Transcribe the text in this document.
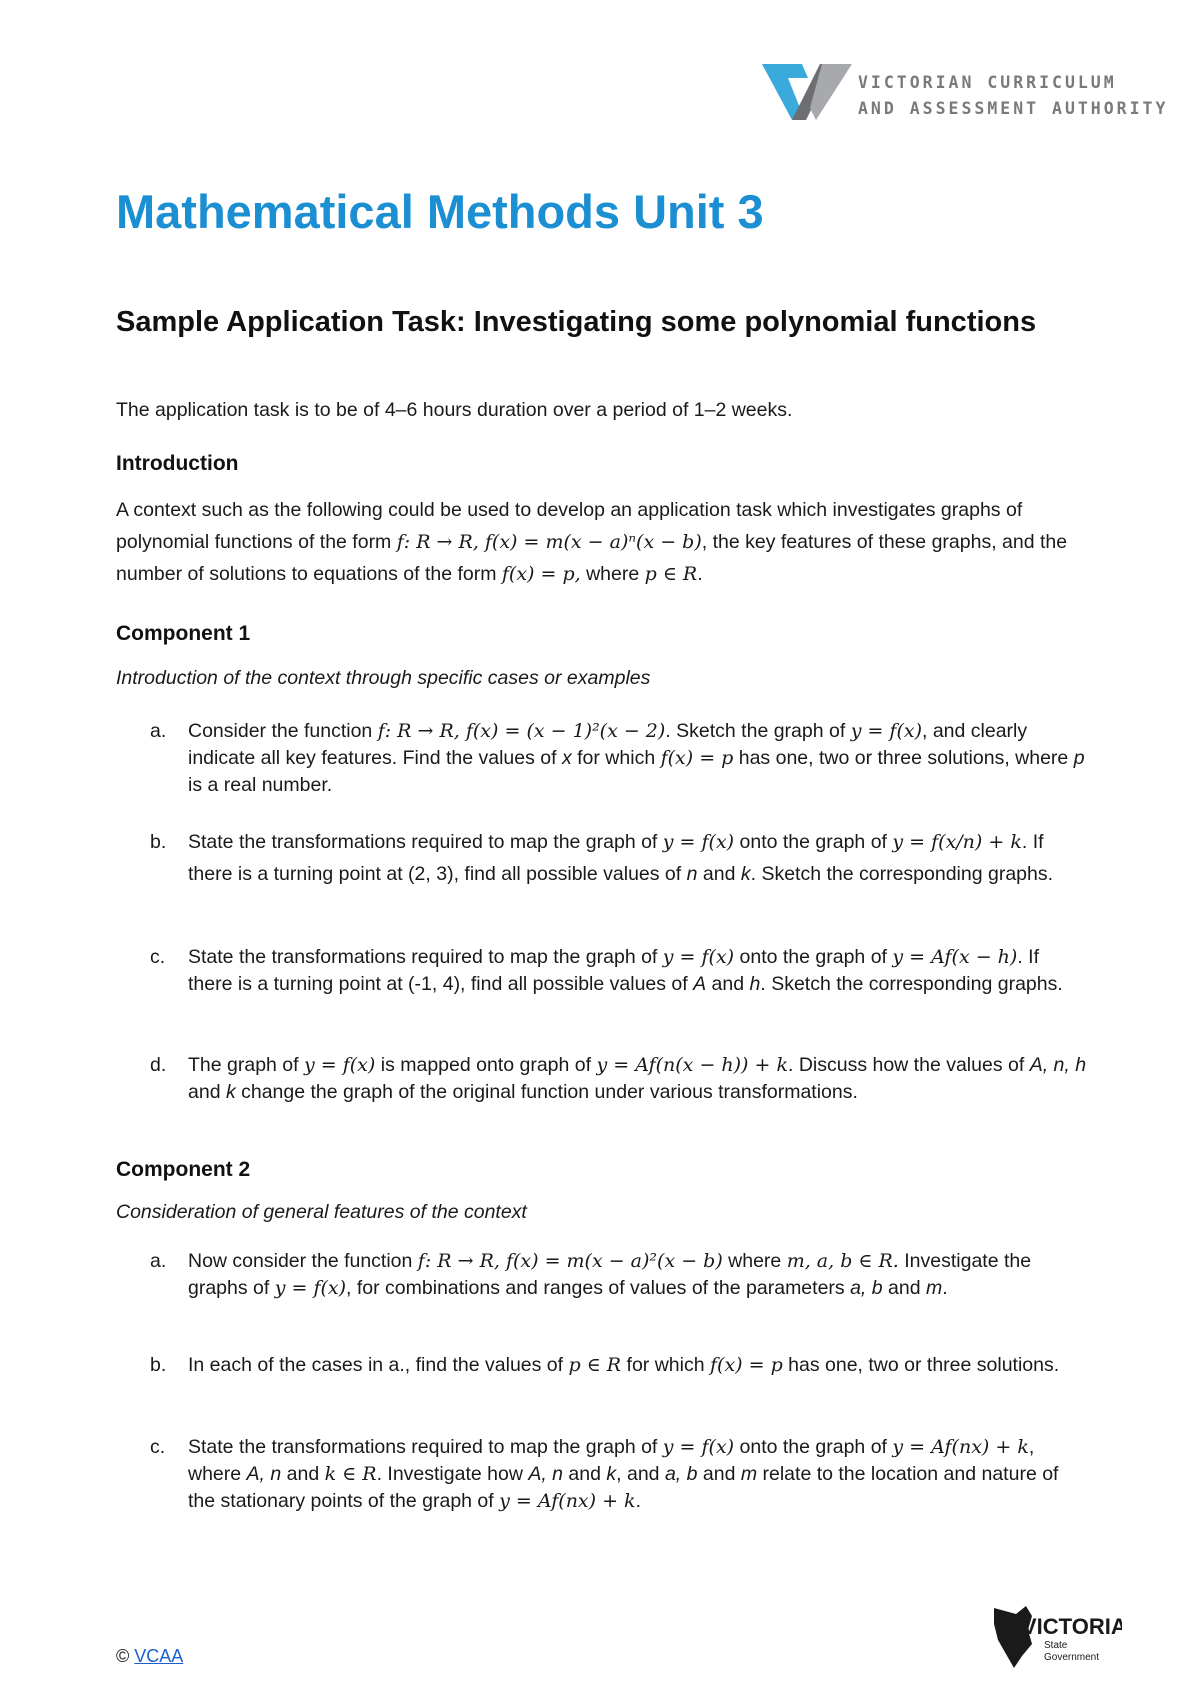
VICTORIAN CURRICULUM
AND ASSESSMENT AUTHORITY
Mathematical Methods Unit 3
Sample Application Task: Investigating some polynomial functions

The application task is to be of 4–6 hours duration over a period of 1–2 weeks.

Introduction

A context such as the following could be used to develop an application task which investigates graphs of polynomial functions of the form f: R → R, f(x) = m(x − a)ⁿ(x − b), the key features of these graphs, and the number of solutions to equations of the form f(x) = p, where p ∈ R.

Component 1

Introduction of the context through specific cases or examples

a.	Consider the function f: R → R, f(x) = (x − 1)²(x − 2). Sketch the graph of y = f(x), and clearly indicate all key features. Find the values of x for which f(x) = p has one, two or three solutions, where p is a real number.
b.	State the transformations required to map the graph of y = f(x) onto the graph of y = f(x/n) + k. If there is a turning point at (2, 3), find all possible values of n and k. Sketch the corresponding graphs.
c.	State the transformations required to map the graph of y = f(x) onto the graph of y = Af(x − h). If there is a turning point at (-1, 4), find all possible values of A and h. Sketch the corresponding graphs.
d.	The graph of y = f(x) is mapped onto graph of y = Af(n(x − h)) + k. Discuss how the values of A, n, h and k change the graph of the original function under various transformations.
Component 2

Consideration of general features of the context

a.	Now consider the function f: R → R, f(x) = m(x − a)²(x − b) where m, a, b ∈ R. Investigate the graphs of y = f(x), for combinations and ranges of values of the parameters a, b and m.
b.	In each of the cases in a., find the values of p ∈ R for which f(x) = p has one, two or three solutions.
c.	State the transformations required to map the graph of y = f(x) onto the graph of y = Af(nx) + k, where A, n and k ∈ R. Investigate how A, n and k, and a, b and m relate to the location and nature of the stationary points of the graph of y = Af(nx) + k.
© VCAA
VICTORIA
State
Government
